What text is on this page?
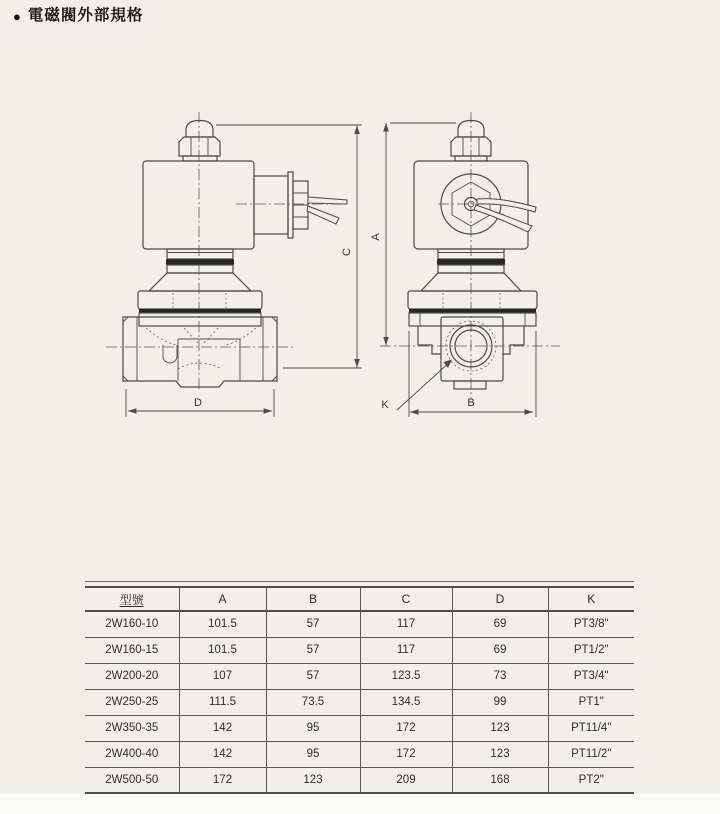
● 電磁閥外部規格
C
D
A
B
K
型號	A	B	C	D	K
2W160-10	101.5	57	117	69	PT3/8"
2W160-15	101.5	57	117	69	PT1/2"
2W200-20	107	57	123.5	73	PT3/4"
2W250-25	111.5	73.5	134.5	99	PT1"
2W350-35	142	95	172	123	PT11/4"
2W400-40	142	95	172	123	PT11/2"
2W500-50	172	123	209	168	PT2"
